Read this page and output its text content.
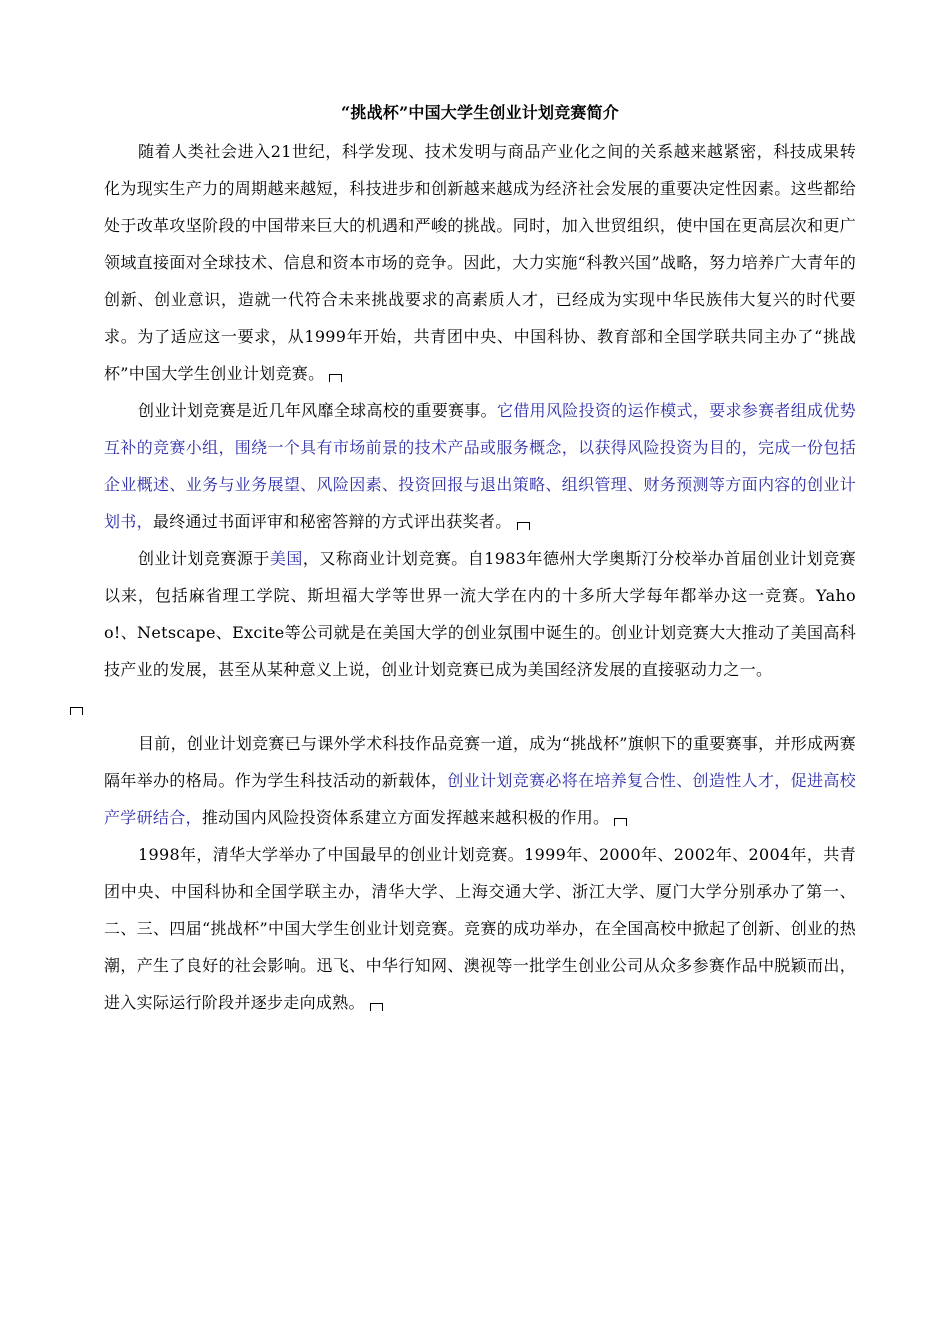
“挑战杯”中国大学生创业计划竞赛简介

随着人类社会进入21世纪，科学发现、技术发明与商品产业化之间的关系越来越紧密，科技成果转化为现实生产力的周期越来越短，科技进步和创新越来越成为经济社会发展的重要决定性因素。这些都给处于改革攻坚阶段的中国带来巨大的机遇和严峻的挑战。同时，加入世贸组织，使中国在更高层次和更广领域直接面对全球技术、信息和资本市场的竞争。因此，大力实施“科教兴国”战略，努力培养广大青年的创新、创业意识，造就一代符合未来挑战要求的高素质人才，已经成为实现中华民族伟大复兴的时代要求。为了适应这一要求，从1999年开始，共青团中央、中国科协、教育部和全国学联共同主办了“挑战杯”中国大学生创业计划竞赛。

创业计划竞赛是近几年风靡全球高校的重要赛事。它借用风险投资的运作模式，要求参赛者组成优势互补的竞赛小组，围绕一个具有市场前景的技术产品或服务概念，以获得风险投资为目的，完成一份包括企业概述、业务与业务展望、风险因素、投资回报与退出策略、组织管理、财务预测等方面内容的创业计划书，最终通过书面评审和秘密答辩的方式评出获奖者。

创业计划竞赛源于美国，又称商业计划竞赛。自1983年德州大学奥斯汀分校举办首届创业计划竞赛以来，包括麻省理工学院、斯坦福大学等世界一流大学在内的十多所大学每年都举办这一竞赛。Yahoo!、Netscape、Excite等公司就是在美国大学的创业氛围中诞生的。创业计划竞赛大大推动了美国高科技产业的发展，甚至从某种意义上说，创业计划竞赛已成为美国经济发展的直接驱动力之一。

目前，创业计划竞赛已与课外学术科技作品竞赛一道，成为“挑战杯”旗帜下的重要赛事，并形成两赛隔年举办的格局。作为学生科技活动的新载体，创业计划竞赛必将在培养复合性、创造性人才，促进高校产学研结合，推动国内风险投资体系建立方面发挥越来越积极的作用。

1998年，清华大学举办了中国最早的创业计划竞赛。1999年、2000年、2002年、2004年，共青团中央、中国科协和全国学联主办，清华大学、上海交通大学、浙江大学、厦门大学分别承办了第一、二、三、四届“挑战杯”中国大学生创业计划竞赛。竞赛的成功举办，在全国高校中掀起了创新、创业的热潮，产生了良好的社会影响。迅飞、中华行知网、澳视等一批学生创业公司从众多参赛作品中脱颖而出，进入实际运行阶段并逐步走向成熟。
